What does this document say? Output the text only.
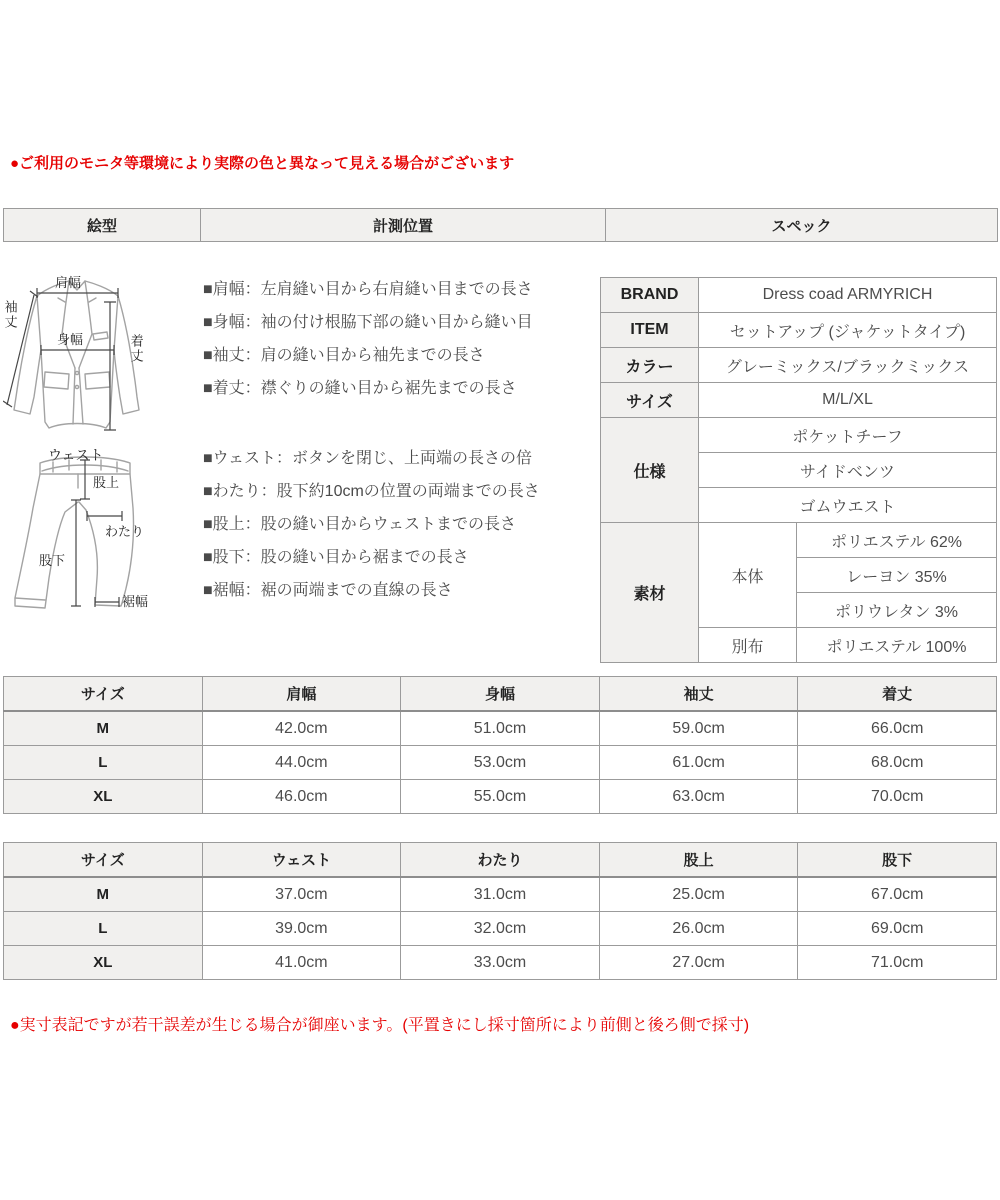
●ご利用のモニタ等環境により実際の色と異なって見える場合がございます
絵型	計測位置	スペック
肩幅
袖丈
身幅	着丈
ウェスト
股上
わたり
股下
裾幅
■肩幅：左肩縫い目から右肩縫い目までの長さ
■身幅：袖の付け根脇下部の縫い目から縫い目
■袖丈：肩の縫い目から袖先までの長さ
■着丈：襟ぐりの縫い目から裾先までの長さ
■ウェスト：ボタンを閉じ、上両端の長さの倍
■わたり：股下約10cmの位置の両端までの長さ
■股上：股の縫い目からウェストまでの長さ
■股下：股の縫い目から裾までの長さ
■裾幅：裾の両端までの直線の長さ
BRAND	Dress coad ARMYRICH	
ITEM	セットアップ (ジャケットタイプ)	
カラー	グレーミックス/ブラックミックス	
サイズ	M/L/XL	
仕様	ポケットチーフ	
	サイドベンツ	
	ゴムウエスト	
素材	本体	ポリエステル 62%
		レーヨン 35%
		ポリウレタン 3%
	別布	ポリエステル 100%
サイズ	肩幅	身幅	袖丈	着丈
M	42.0cm	51.0cm	59.0cm	66.0cm
L	44.0cm	53.0cm	61.0cm	68.0cm
XL	46.0cm	55.0cm	63.0cm	70.0cm
サイズ	ウェスト	わたり	股上	股下
M	37.0cm	31.0cm	25.0cm	67.0cm
L	39.0cm	32.0cm	26.0cm	69.0cm
XL	41.0cm	33.0cm	27.0cm	71.0cm
●実寸表記ですが若干誤差が生じる場合が御座います。(平置きにし採寸箇所により前側と後ろ側で採寸)
